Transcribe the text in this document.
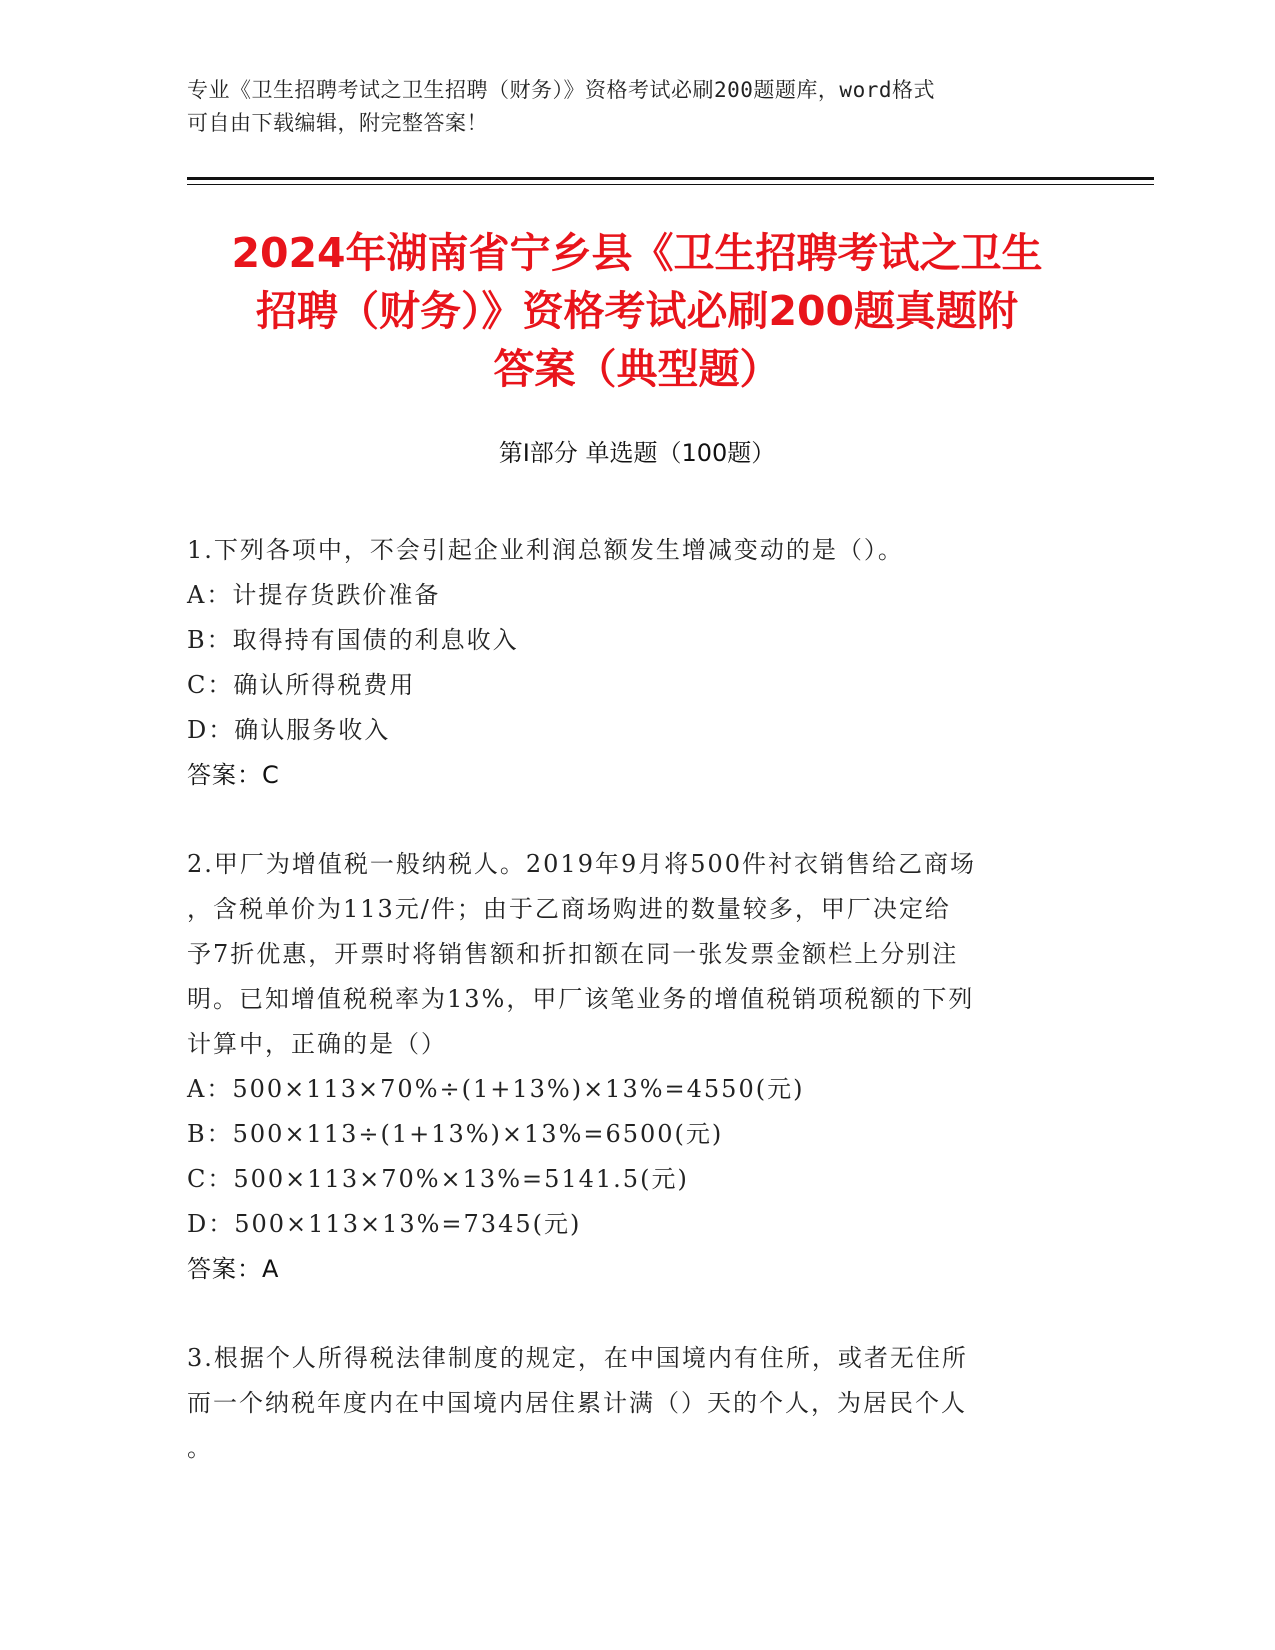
专业《卫生招聘考试之卫生招聘（财务）》资格考试必刷200题题库，word格式
可自由下载编辑，附完整答案！
2024年湖南省宁乡县《卫生招聘考试之卫生
招聘（财务）》资格考试必刷200题真题附
答案（典型题）
第Ⅰ部分 单选题（100题）

1.下列各项中，不会引起企业利润总额发生增减变动的是（）。

A：计提存货跌价准备

B：取得持有国债的利息收入

C：确认所得税费用

D：确认服务收入

答案：C

2.甲厂为增值税一般纳税人。2019年9月将500件衬衣销售给乙商场

，含税单价为113元/件；由于乙商场购进的数量较多，甲厂决定给

予7折优惠，开票时将销售额和折扣额在同一张发票金额栏上分别注

明。已知增值税税率为13%，甲厂该笔业务的增值税销项税额的下列

计算中，正确的是（）

A：500×113×70%÷(1+13%)×13%=4550(元)

B：500×113÷(1+13%)×13%=6500(元)

C：500×113×70%×13%=5141.5(元)

D：500×113×13%=7345(元)

答案：A

3.根据个人所得税法律制度的规定，在中国境内有住所，或者无住所

而一个纳税年度内在中国境内居住累计满（）天的个人，为居民个人

。
